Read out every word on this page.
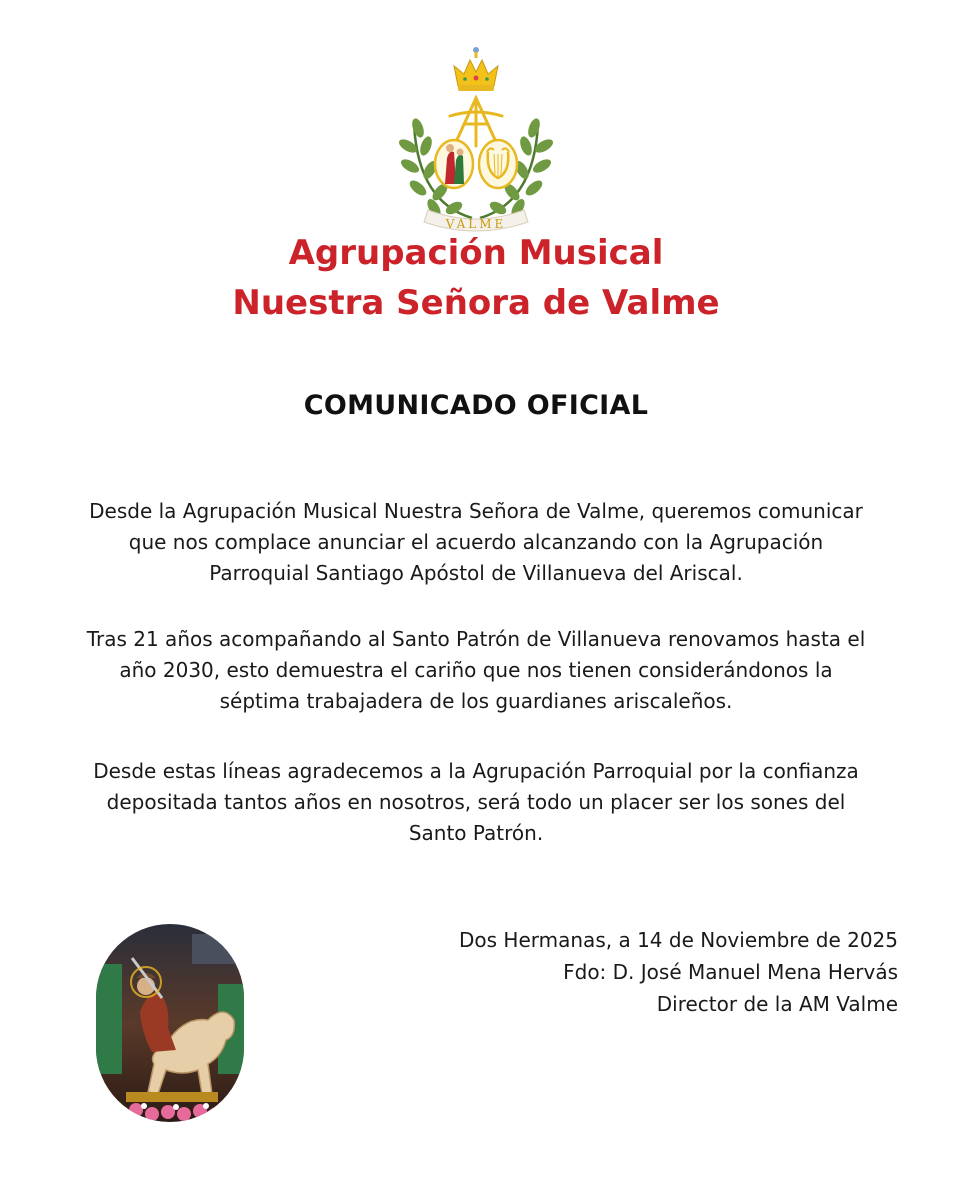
VALME
Agrupación Musical
Nuestra Señora de Valme
COMUNICADO OFICIAL
Desde la Agrupación Musical Nuestra Señora de Valme, queremos comunicar
que nos complace anunciar el acuerdo alcanzando con la Agrupación
Parroquial Santiago Apóstol de Villanueva del Ariscal.
Tras 21 años acompañando al Santo Patrón de Villanueva renovamos hasta el
año 2030, esto demuestra el cariño que nos tienen considerándonos la
séptima trabajadera de los guardianes ariscaleños.
Desde estas líneas agradecemos a la Agrupación Parroquial por la confianza
depositada tantos años en nosotros, será todo un placer ser los sones del
Santo Patrón.
Dos Hermanas, a 14 de Noviembre de 2025
Fdo: D. José Manuel Mena Hervás
Director de la AM Valme
